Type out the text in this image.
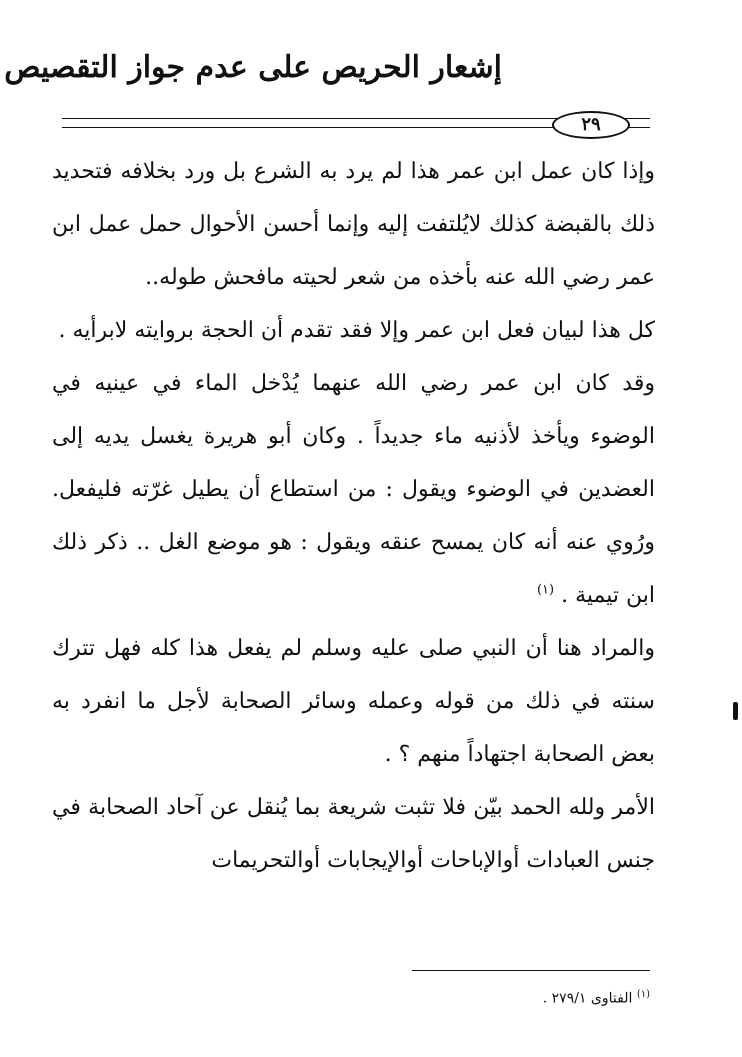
إشعار الحريص على عدم جواز التقصيص
٢٩

وإذا كان عمل ابن عمر هذا لم يرد به الشرع بل ورد بخلافه فتحديد ذلك بالقبضة كذلك لايُلتفت إليه وإنما أحسن الأحوال حمل عمل ابن عمر رضي الله عنه بأخذه من شعر لحيته مافحش طوله..

كل هذا لبيان فعل ابن عمر وإلا فقد تقدم أن الحجة بروايته لابرأيه .

وقد كان ابن عمر رضي الله عنهما يُدْخل الماء في عينيه في الوضوء ويأخذ لأذنيه ماء جديداً . وكان أبو هريرة يغسل يديه إلى العضدين في الوضوء ويقول : من استطاع أن يطيل غرّته فليفعل. ورُوي عنه أنه كان يمسح عنقه ويقول : هو موضع الغل .. ذكر ذلك ابن تيمية . $^{(١)}$

والمراد هنا أن النبي صلى عليه وسلم لم يفعل هذا كله فهل تترك سنته في ذلك من قوله وعمله وسائر الصحابة لأجل ما انفرد به بعض الصحابة اجتهاداً منهم ؟ .

الأمر ولله الحمد بيّن فلا تثبت شريعة بما يُنقل عن آحاد الصحابة في جنس العبادات أوالإباحات أوالإيجابات أوالتحريمات

$^{(١)}$ الفتاوى ٢٧٩/١ .
